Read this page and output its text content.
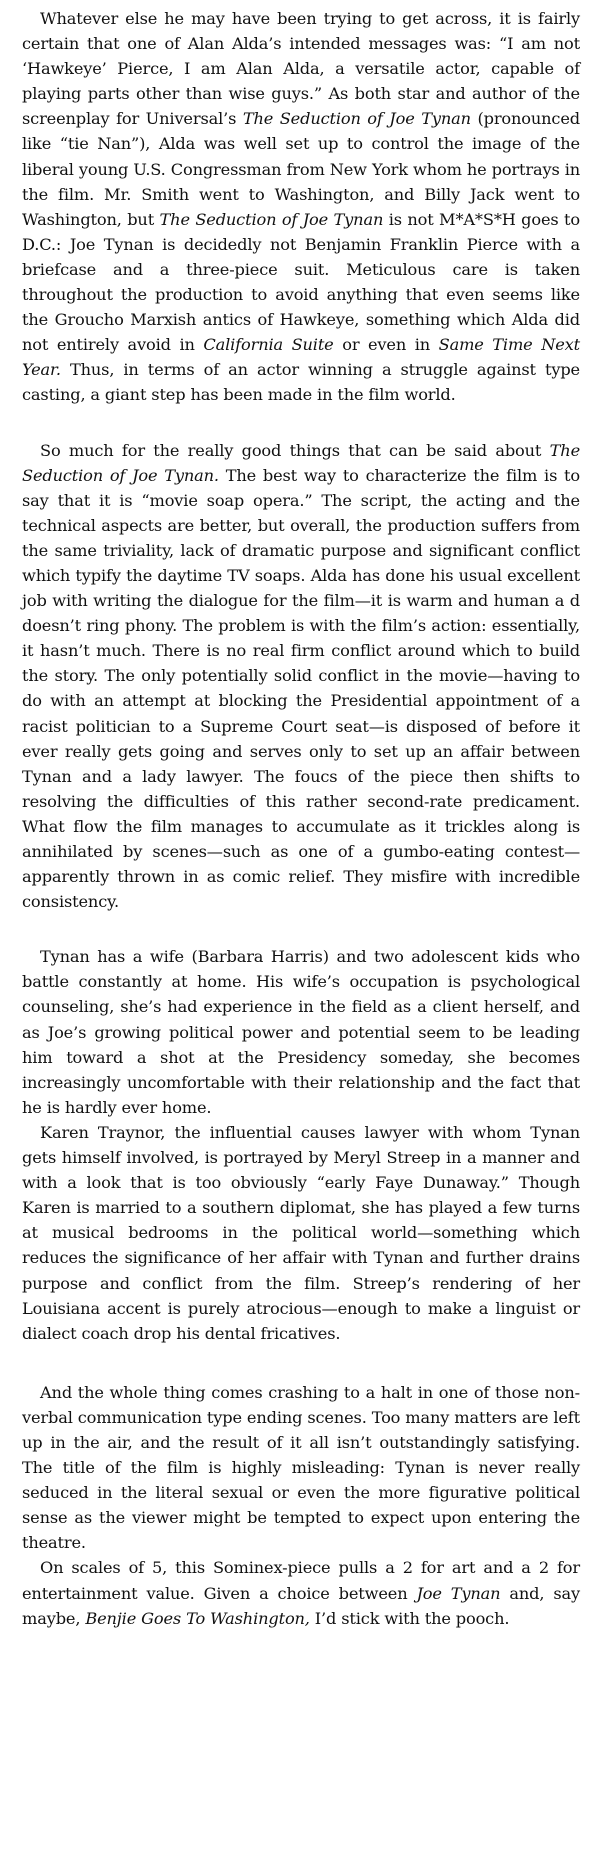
Whatever else he may have been trying to get across, it is fairly certain that one of Alan Alda’s intended messages was: “I am not ‘Hawkeye’ Pierce, I am Alan Alda, a versatile actor, capable of playing parts other than wise guys.” As both star and author of the screenplay for Universal’s The Seduction of Joe Tynan (pronounced like “tie Nan”), Alda was well set up to control the image of the liberal young U.S. Congressman from New York whom he portrays in the film. Mr. Smith went to Washington, and Billy Jack went to Washington, but The Seduction of Joe Tynan is not M*A*S*H goes to D.C.: Joe Tynan is decidedly not Benjamin Franklin Pierce with a briefcase and a three-piece suit. Meticulous care is taken throughout the production to avoid anything that even seems like the Groucho Marxish antics of Hawkeye, something which Alda did not entirely avoid in California Suite or even in Same Time Next Year. Thus, in terms of an actor winning a struggle against type casting, a giant step has been made in the film world.

So much for the really good things that can be said about The Seduction of Joe Tynan. The best way to characterize the film is to say that it is “movie soap opera.” The script, the acting and the technical aspects are better, but overall, the production suffers from the same triviality, lack of dramatic purpose and significant conflict which typify the daytime TV soaps. Alda has done his usual excellent job with writing the dialogue for the film—it is warm and human a d doesn’t ring phony. The problem is with the film’s action: essentially, it hasn’t much. There is no real firm conflict around which to build the story. The only potentially solid conflict in the movie—having to do with an attempt at blocking the Presidential appointment of a racist politician to a Supreme Court seat—is disposed of before it ever really gets going and serves only to set up an affair between Tynan and a lady lawyer. The foucs of the piece then shifts to resolving the difficulties of this rather second-rate predicament. What flow the film manages to accumulate as it trickles along is annihilated by scenes—such as one of a gumbo-eating contest—apparently thrown in as comic relief. They misfire with incredible consistency.

Tynan has a wife (Barbara Harris) and two adolescent kids who battle constantly at home. His wife’s occupation is psychological counseling, she’s had experience in the field as a client herself, and as Joe’s growing political power and potential seem to be leading him toward a shot at the Presidency someday, she becomes increasingly uncomfortable with their relationship and the fact that he is hardly ever home.

Karen Traynor, the influential causes lawyer with whom Tynan gets himself involved, is portrayed by Meryl Streep in a manner and with a look that is too obviously “early Faye Dunaway.” Though Karen is married to a southern diplomat, she has played a few turns at musical bedrooms in the political world—something which reduces the significance of her affair with Tynan and further drains purpose and conflict from the film. Streep’s rendering of her Louisiana accent is purely atrocious—enough to make a linguist or dialect coach drop his dental fricatives.

And the whole thing comes crashing to a halt in one of those non-verbal communication type ending scenes. Too many matters are left up in the air, and the result of it all isn’t outstandingly satisfying. The title of the film is highly misleading: Tynan is never really seduced in the literal sexual or even the more figurative political sense as the viewer might be tempted to expect upon entering the theatre.

On scales of 5, this Sominex-piece pulls a 2 for art and a 2 for entertainment value. Given a choice between Joe Tynan and, say maybe, Benjie Goes To Washington, I’d stick with the pooch.
